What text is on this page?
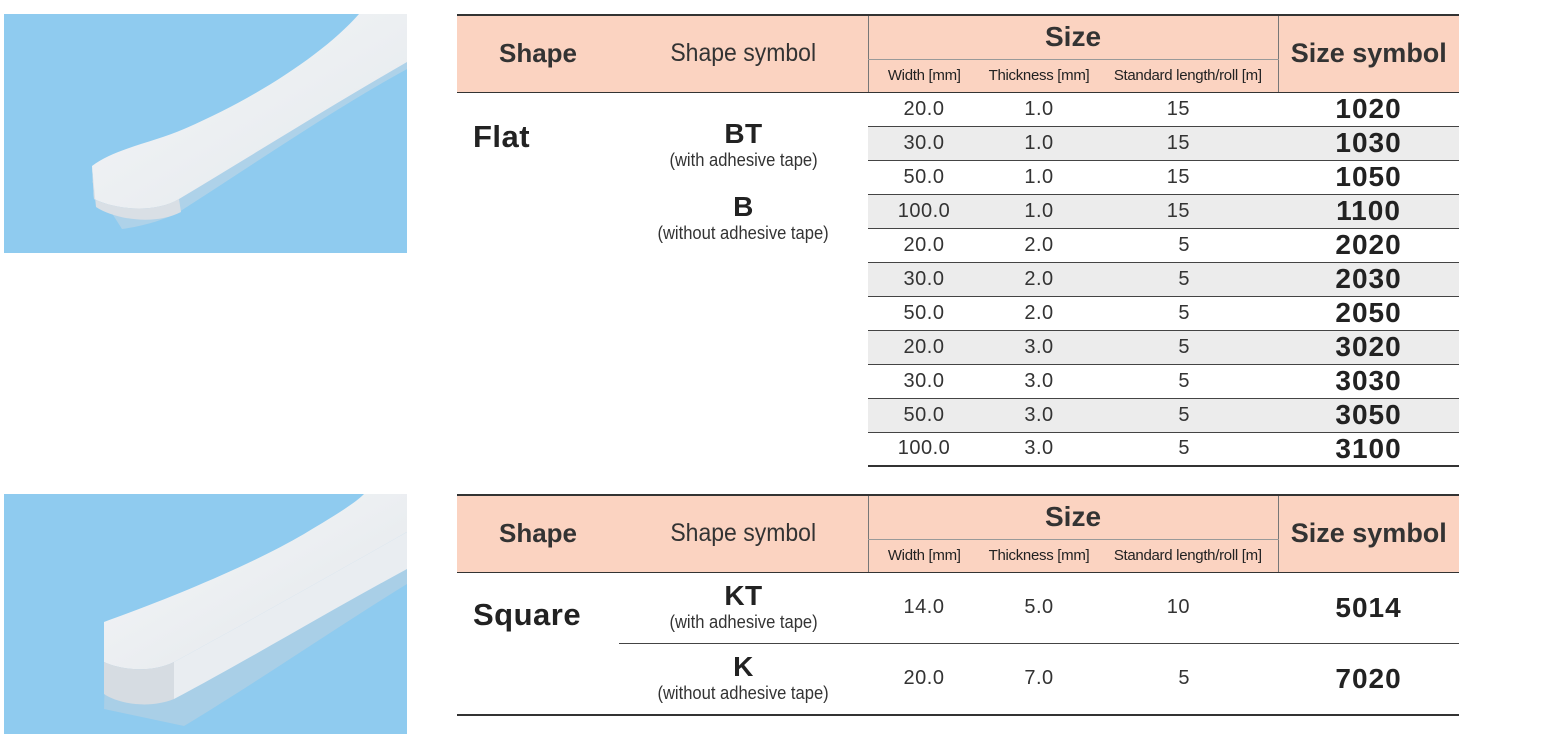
Shape	Shape symbol	Size			Size symbol
		Width [mm]	Thickness [mm]	Standard length/roll [m]	

Flat	BT
(with adhesive tape)
B
(without adhesive tape)	20.0	1.0	15	1020
		30.0	1.0	15	1030
		50.0	1.0	15	1050
		100.0	1.0	15	1100
		20.0	2.0	5	2020
		30.0	2.0	5	2030
		50.0	2.0	5	2050
		20.0	3.0	5	3020
		30.0	3.0	5	3030
		50.0	3.0	5	3050
		100.0	3.0	5	3100
Shape	Shape symbol	Size			Size symbol
		Width [mm]	Thickness [mm]	Standard length/roll [m]	

Square	KT
(with adhesive tape)	14.0	5.0	10	5014

	K
(without adhesive tape)	20.0	7.0	5	7020
